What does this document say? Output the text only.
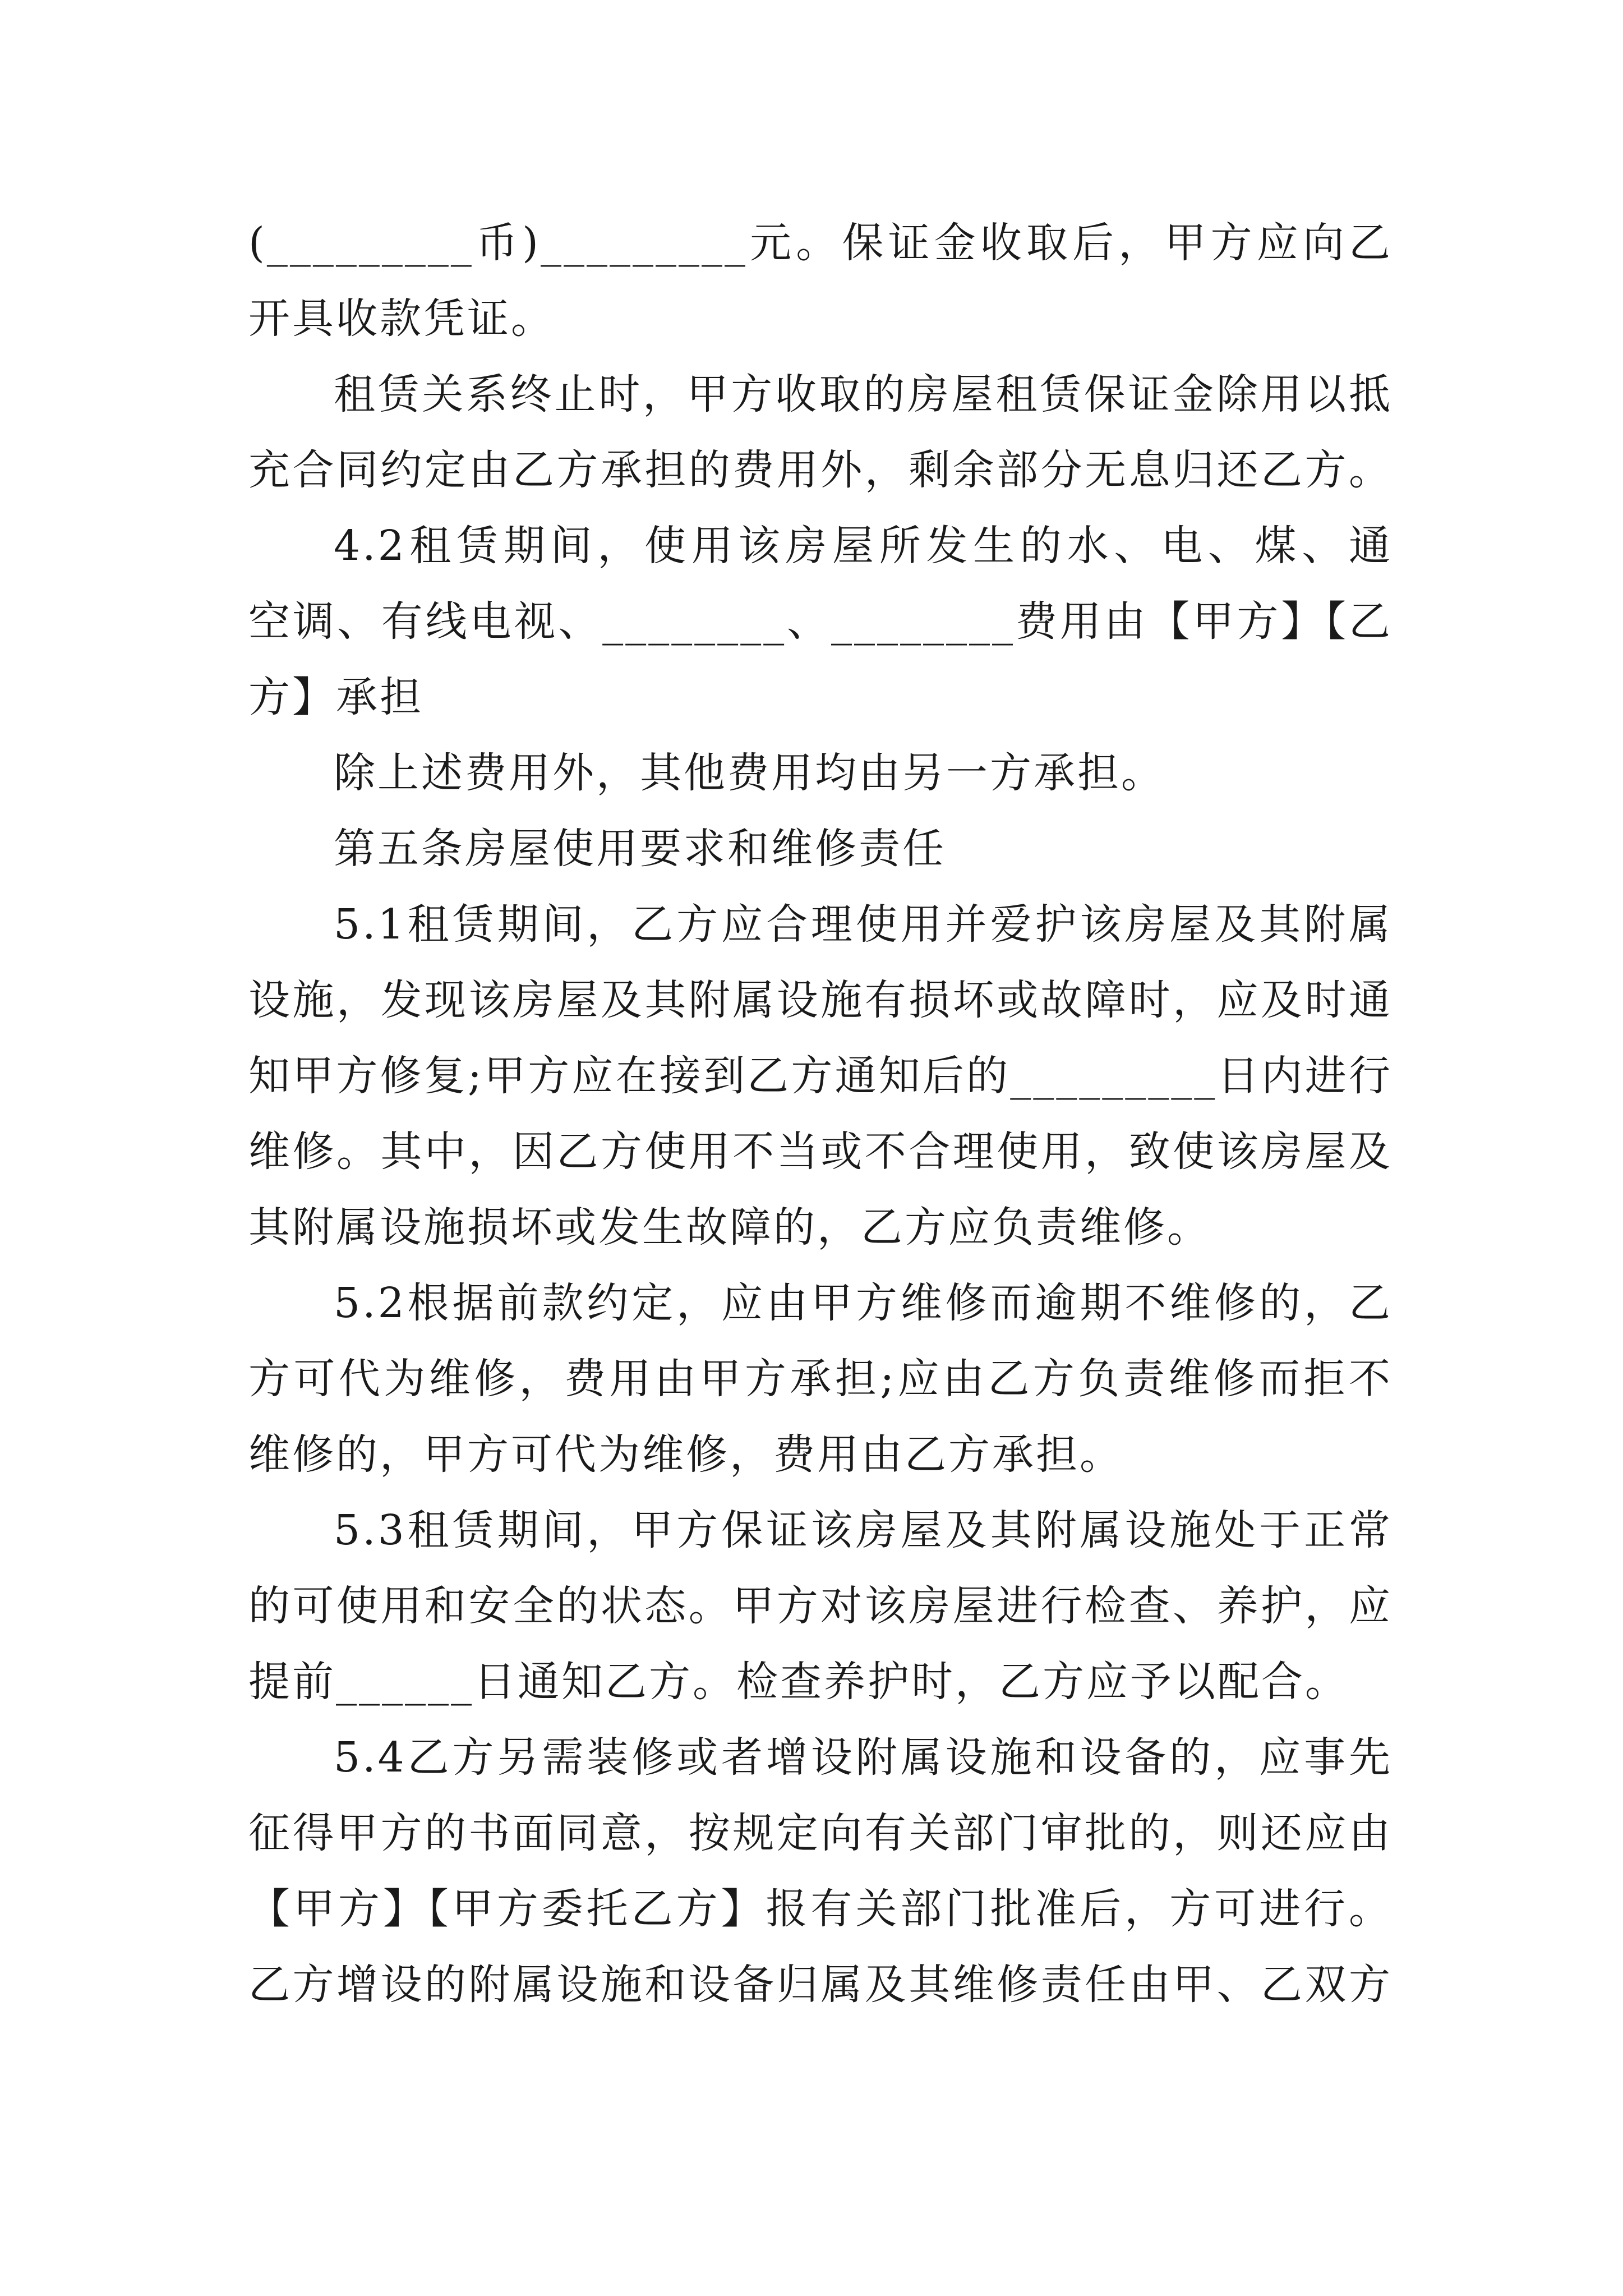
(_________币)_________元。保证金收取后，甲方应向乙
开具收款凭证。
租赁关系终止时，甲方收取的房屋租赁保证金除用以抵
充合同约定由乙方承担的费用外，剩余部分无息归还乙方。
4.2租赁期间，使用该房屋所发生的水、电、煤、通
空调、有线电视、________、________费用由【甲方】【乙
方】承担
除上述费用外，其他费用均由另一方承担。
第五条房屋使用要求和维修责任
5.1租赁期间，乙方应合理使用并爱护该房屋及其附属
设施，发现该房屋及其附属设施有损坏或故障时，应及时通
知甲方修复;甲方应在接到乙方通知后的_________日内进行
维修。其中，因乙方使用不当或不合理使用，致使该房屋及
其附属设施损坏或发生故障的，乙方应负责维修。
5.2根据前款约定，应由甲方维修而逾期不维修的，乙
方可代为维修，费用由甲方承担;应由乙方负责维修而拒不
维修的，甲方可代为维修，费用由乙方承担。
5.3租赁期间，甲方保证该房屋及其附属设施处于正常
的可使用和安全的状态。甲方对该房屋进行检查、养护，应
提前______日通知乙方。检查养护时，乙方应予以配合。
5.4乙方另需装修或者增设附属设施和设备的，应事先
征得甲方的书面同意，按规定向有关部门审批的，则还应由
【甲方】【甲方委托乙方】报有关部门批准后，方可进行。
乙方增设的附属设施和设备归属及其维修责任由甲、乙双方
